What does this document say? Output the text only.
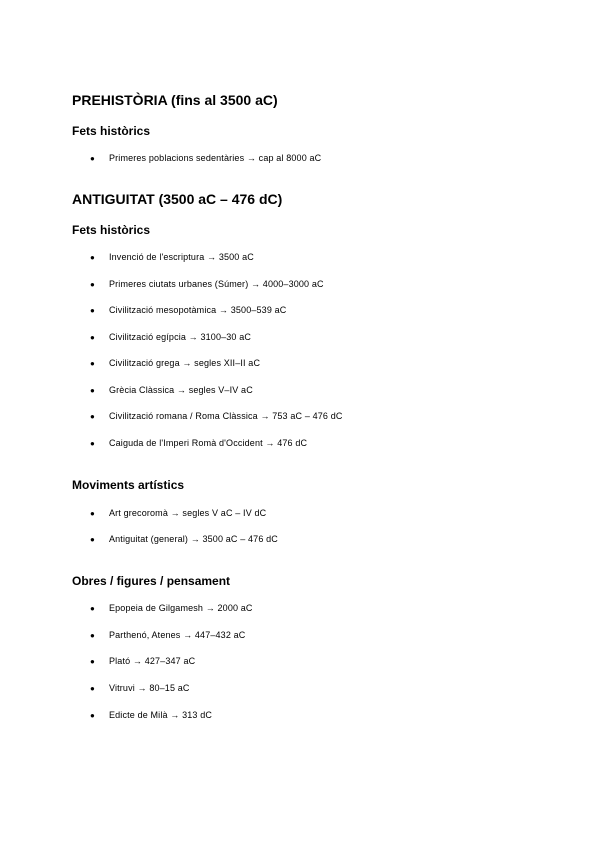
PREHISTÒRIA (fins al 3500 aC)
Fets històrics
● Primeres poblacions sedentàries → cap al 8000 aC
ANTIGUITAT (3500 aC – 476 dC)
Fets històrics
● Invenció de l'escriptura → 3500 aC
● Primeres ciutats urbanes (Súmer) → 4000–3000 aC
● Civilització mesopotàmica → 3500–539 aC
● Civilització egípcia → 3100–30 aC
● Civilització grega → segles XII–II aC
● Grècia Clàssica → segles V–IV aC
● Civilització romana / Roma Clàssica → 753 aC – 476 dC
● Caiguda de l'Imperi Romà d'Occident → 476 dC
Moviments artístics
● Art grecoromà → segles V aC – IV dC
● Antiguitat (general) → 3500 aC – 476 dC
Obres / figures / pensament
● Epopeia de Gilgamesh → 2000 aC
● Parthenó, Atenes → 447–432 aC
● Plató → 427–347 aC
● Vitruvi → 80–15 aC
● Edicte de Milà → 313 dC
